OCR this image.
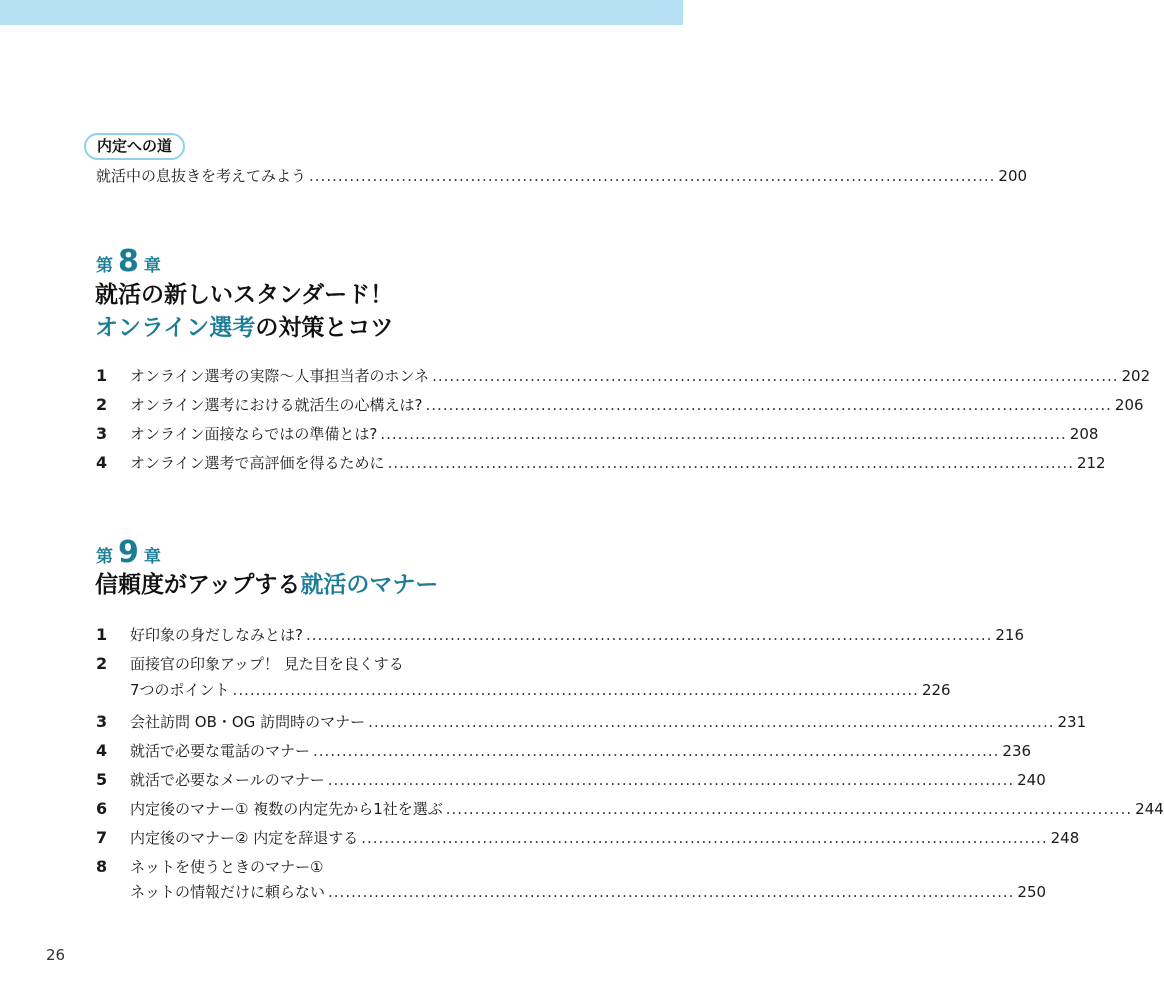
内定への道
就活中の息抜きを考えてみよう ....................................................................................................................... 200
第 8 章
就活の新しいスタンダード！
オンライン選考の対策とコツ
1	オンライン選考の実際〜人事担当者のホンネ ....................................................................................................................... 202
2	オンライン選考における就活生の心構えは? ....................................................................................................................... 206
3	オンライン面接ならではの準備とは? ....................................................................................................................... 208
4	オンライン選考で高評価を得るために ....................................................................................................................... 212
第 9 章
信頼度がアップする就活のマナー
1	好印象の身だしなみとは? ....................................................................................................................... 216
2	面接官の印象アップ！ 見た目を良くする
7つのポイント ....................................................................................................................... 226
3	会社訪問 OB・OG 訪問時のマナー ....................................................................................................................... 231
4	就活で必要な電話のマナー ....................................................................................................................... 236
5	就活で必要なメールのマナー ....................................................................................................................... 240
6	内定後のマナー① 複数の内定先から1社を選ぶ ....................................................................................................................... 244
7	内定後のマナー② 内定を辞退する ....................................................................................................................... 248
8	ネットを使うときのマナー①
ネットの情報だけに頼らない ....................................................................................................................... 250
26
